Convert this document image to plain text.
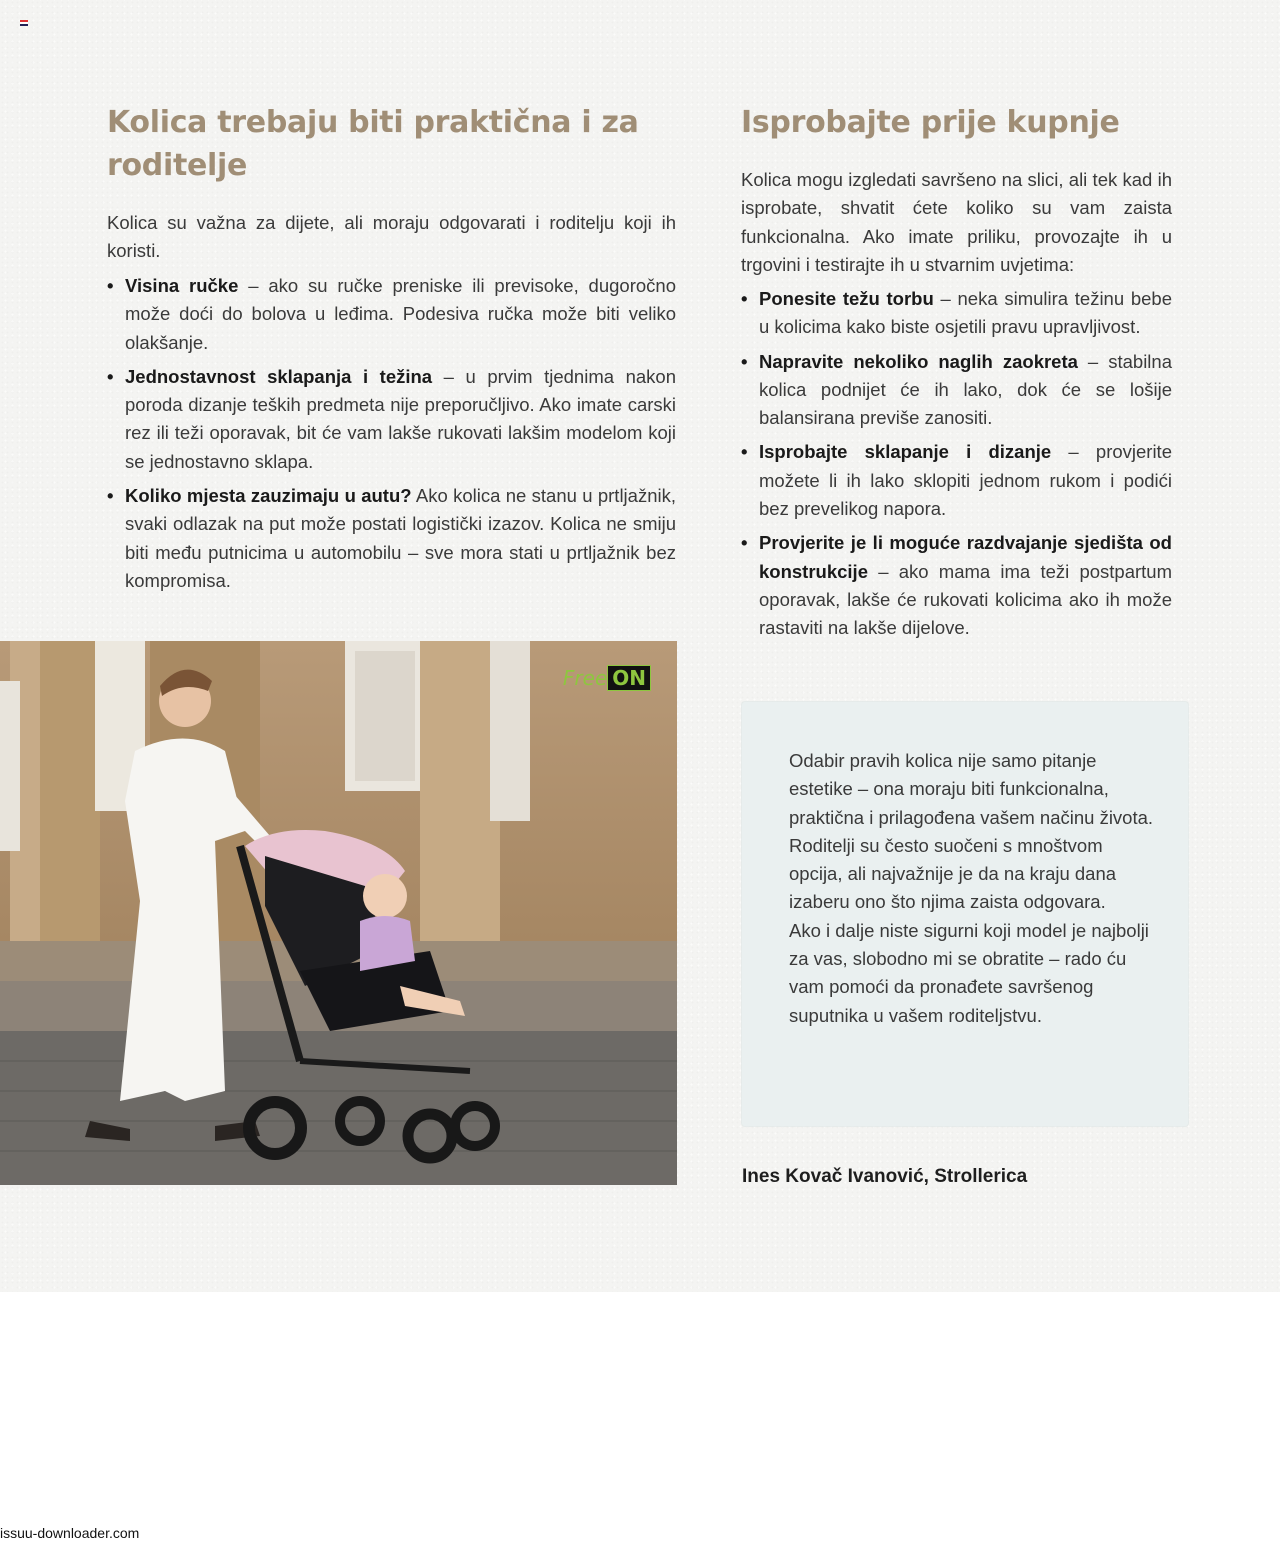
Kolica trebaju biti praktična i za roditelje
Kolica su važna za dijete, ali moraju odgovarati i roditelju koji ih koristi.
• Visina ručke – ako su ručke preniske ili previsoke, dugoročno može doći do bolova u leđima. Podesiva ručka može biti veliko olakšanje.
• Jednostavnost sklapanja i težina – u prvim tjednima nakon poroda dizanje teških predmeta nije preporučljivo. Ako imate carski rez ili teži oporavak, bit će vam lakše rukovati lakšim modelom koji se jednostavno sklapa.
• Koliko mjesta zauzimaju u autu? Ako kolica ne stanu u prtljažnik, svaki odlazak na put može postati logistički izazov. Kolica ne smiju biti među putnicima u automobilu – sve mora stati u prtljažnik bez kompromisa.
Isprobajte prije kupnje
Kolica mogu izgledati savršeno na slici, ali tek kad ih isprobate, shvatit ćete koliko su vam zaista funkcionalna. Ako imate priliku, provozajte ih u trgovini i testirajte ih u stvarnim uvjetima:
• Ponesite težu torbu – neka simulira težinu bebe u kolicima kako biste osjetili pravu upravljivost.
• Napravite nekoliko naglih zaokreta – stabilna kolica podnijet će ih lako, dok će se lošije balansirana previše zanositi.
• Isprobajte sklapanje i dizanje – provjerite možete li ih lako sklopiti jednom rukom i podići bez prevelikog napora.
• Provjerite je li moguće razdvajanje sjedišta od konstrukcije – ako mama ima teži postpartum oporavak, lakše će rukovati kolicima ako ih može rastaviti na lakše dijelove.
Free ON

Odabir pravih kolica nije samo pitanje estetike – ona moraju biti funkcionalna, praktična i prilagođena vašem načinu života. Roditelji su često suočeni s mnoštvom opcija, ali najvažnije je da na kraju dana izaberu ono što njima zaista odgovara.

Ako i dalje niste sigurni koji model je najbolji za vas, slobodno mi se obratite – rado ću vam pomoći da pronađete savršenog suputnika u vašem roditeljstvu.

Ines Kovač Ivanović, Strollerica
issuu-downloader.com
